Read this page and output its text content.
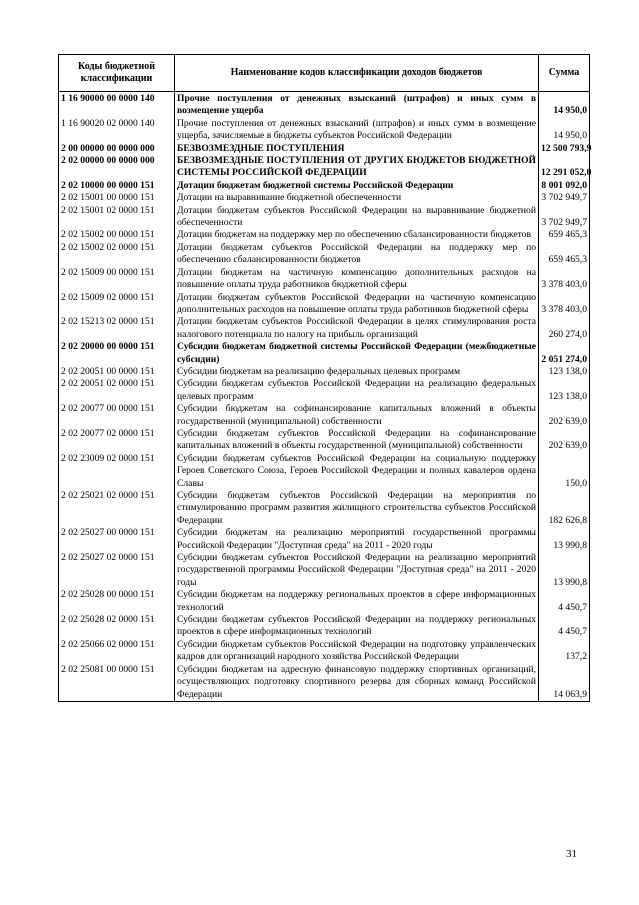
Коды бюджетной классификации	Наименование кодов классификации доходов бюджетов	Сумма
1 16 90000 00 0000 140	Прочие поступления от денежных взысканий (штрафов) и иных сумм в возмещение ущерба	14 950,0
1 16 90020 02 0000 140	Прочие поступления от денежных взысканий (штрафов) и иных сумм в возмещение ущерба, зачисляемые в бюджеты субъектов Российской Федерации	14 950,0
2 00 00000 00 0000 000	БЕЗВОЗМЕЗДНЫЕ ПОСТУПЛЕНИЯ	12 500 793,9
2 02 00000 00 0000 000	БЕЗВОЗМЕЗДНЫЕ ПОСТУПЛЕНИЯ ОТ ДРУГИХ БЮДЖЕТОВ БЮДЖЕТНОЙ СИСТЕМЫ РОССИЙСКОЙ ФЕДЕРАЦИИ	12 291 052,0
2 02 10000 00 0000 151	Дотации бюджетам бюджетной системы Российской Федерации	8 001 092,0
2 02 15001 00 0000 151	Дотации на выравнивание бюджетной обеспеченности	3 702 949,7
2 02 15001 02 0000 151	Дотации бюджетам субъектов Российской Федерации на выравнивание бюджетной обеспеченности	3 702 949,7
2 02 15002 00 0000 151	Дотации бюджетам на поддержку мер по обеспечению сбалансированности бюджетов	659 465,3
2 02 15002 02 0000 151	Дотации бюджетам субъектов Российской Федерации на поддержку мер по обеспечению сбалансированности бюджетов	659 465,3
2 02 15009 00 0000 151	Дотации бюджетам на частичную компенсацию дополнительных расходов на повышение оплаты труда работников бюджетной сферы	3 378 403,0
2 02 15009 02 0000 151	Дотации бюджетам субъектов Российской Федерации на частичную компенсацию дополнительных расходов на повышение оплаты труда работников бюджетной сферы	3 378 403,0
2 02 15213 02 0000 151	Дотации бюджетам субъектов Российской Федерации в целях стимулирования роста налогового потенциала по налогу на прибыль организаций	260 274,0
2 02 20000 00 0000 151	Субсидии бюджетам бюджетной системы Российской Федерации (межбюджетные субсидии)	2 051 274,0
2 02 20051 00 0000 151	Субсидии бюджетам на реализацию федеральных целевых программ	123 138,0
2 02 20051 02 0000 151	Субсидии бюджетам субъектов Российской Федерации на реализацию федеральных целевых программ	123 138,0
2 02 20077 00 0000 151	Субсидии бюджетам на софинансирование капитальных вложений в объекты государственной (муниципальной) собственности	202 639,0
2 02 20077 02 0000 151	Субсидии бюджетам субъектов Российской Федерации на софинансирование капитальных вложений в объекты государственной (муниципальной) собственности	202 639,0
2 02 23009 02 0000 151	Субсидии бюджетам субъектов Российской Федерации на социальную поддержку Героев Советского Союза, Героев Российской Федерации и полных кавалеров ордена Славы	150,0
2 02 25021 02 0000 151	Субсидии бюджетам субъектов Российской Федерации на мероприятия по стимулированию программ развития жилищного строительства субъектов Российской Федерации	182 626,8
2 02 25027 00 0000 151	Субсидии бюджетам на реализацию мероприятий государственной программы Российской Федерации "Доступная среда" на 2011 - 2020 годы	13 990,8
2 02 25027 02 0000 151	Субсидии бюджетам субъектов Российской Федерации на реализацию мероприятий государственной программы Российской Федерации "Доступная среда" на 2011 - 2020 годы	13 990,8
2 02 25028 00 0000 151	Субсидии бюджетам на поддержку региональных проектов в сфере информационных технологий	4 450,7
2 02 25028 02 0000 151	Субсидии бюджетам субъектов Российской Федерации на поддержку региональных проектов в сфере информационных технологий	4 450,7
2 02 25066 02 0000 151	Субсидии бюджетам субъектов Российской Федерации на подготовку управленческих кадров для организаций народного хозяйства Российской Федерации	137,2
2 02 25081 00 0000 151	Субсидии бюджетам на адресную финансовую поддержку спортивных организаций, осуществляющих подготовку спортивного резерва для сборных команд Российской Федерации	14 063,9
31
